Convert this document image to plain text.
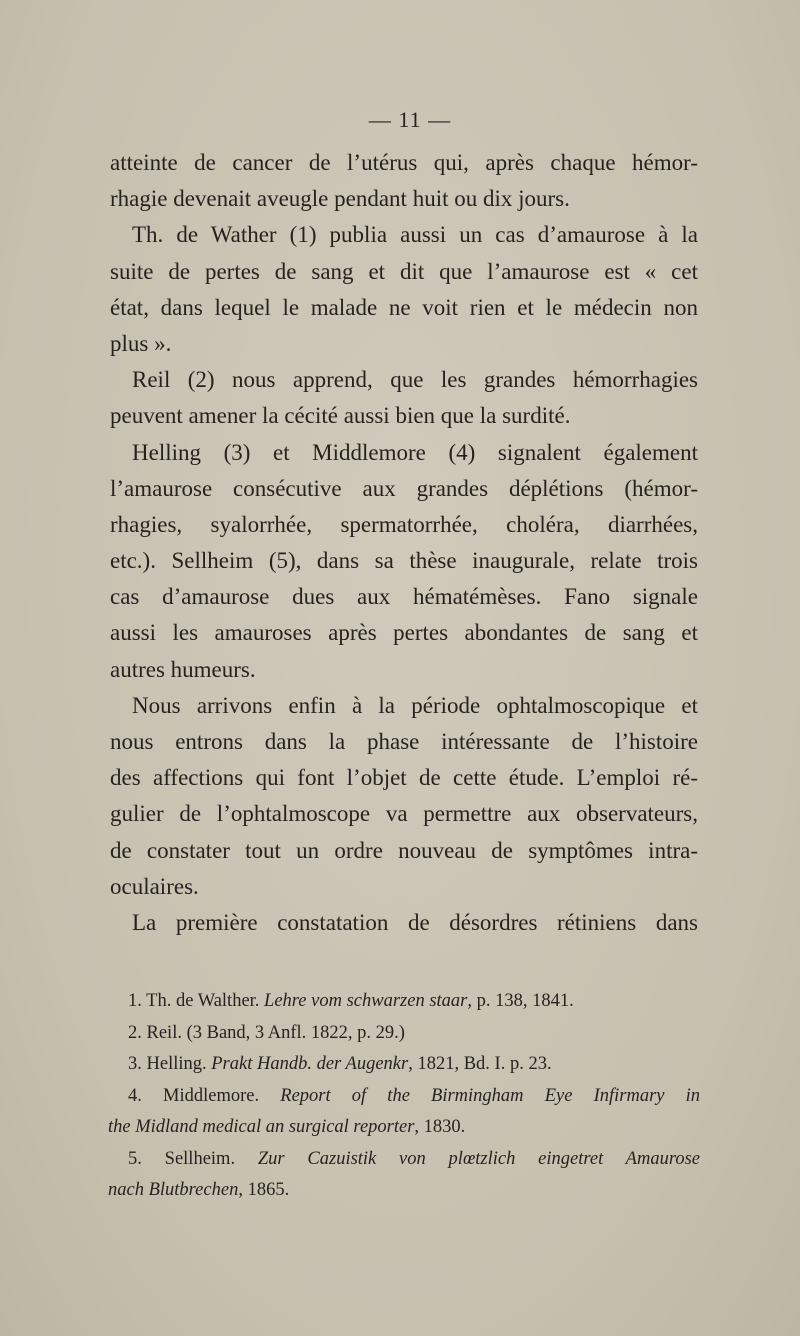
— 11 —
atteinte de cancer de l’utérus qui, après chaque hémor-
rhagie devenait aveugle pendant huit ou dix jours.
Th. de Wather (1) publia aussi un cas d’amaurose à la
suite de pertes de sang et dit que l’amaurose est « cet
état, dans lequel le malade ne voit rien et le médecin non
plus ».
Reil (2) nous apprend, que les grandes hémorrhagies
peuvent amener la cécité aussi bien que la surdité.
Helling (3) et Middlemore (4) signalent également
l’amaurose consécutive aux grandes déplétions (hémor-
rhagies, syalorrhée, spermatorrhée, choléra, diarrhées,
etc.). Sellheim (5), dans sa thèse inaugurale, relate trois
cas d’amaurose dues aux hématémèses. Fano signale
aussi les amauroses après pertes abondantes de sang et
autres humeurs.
Nous arrivons enfin à la période ophtalmoscopique et
nous entrons dans la phase intéressante de l’histoire
des affections qui font l’objet de cette étude. L’emploi ré-
gulier de l’ophtalmoscope va permettre aux observateurs,
de constater tout un ordre nouveau de symptômes intra-
oculaires.
La première constatation de désordres rétiniens dans
1. Th. de Walther. Lehre vom schwarzen staar, p. 138, 1841.
2. Reil. (3 Band, 3 Anfl. 1822, p. 29.)
3. Helling. Prakt Handb. der Augenkr, 1821, Bd. I. p. 23.
4. Middlemore. Report of the Birmingham Eye Infirmary in
the Midland medical an surgical reporter, 1830.
5. Sellheim. Zur Cazuistik von plœtzlich eingetret Amaurose
nach Blutbrechen, 1865.
